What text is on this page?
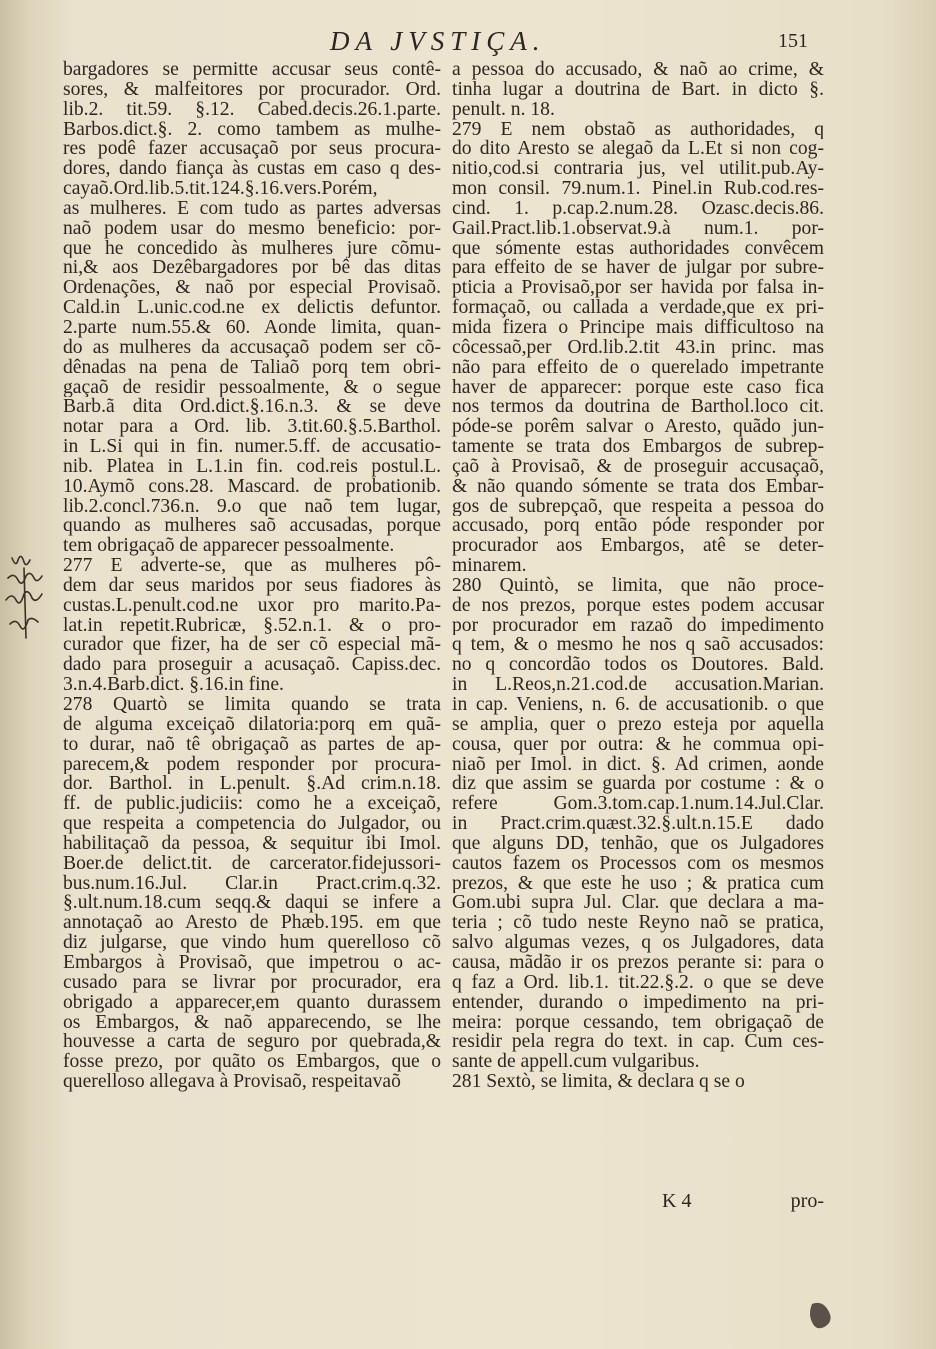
DA JVSTIÇA.	151
bargadores se permitte accusar seus contê-
sores, & malfeitores por procurador. Ord.
lib.2. tit.59. §.12. Cabed.decis.26.1.parte.
Barbos.dict.§. 2. como tambem as mulhe-
res podê fazer accusaçaõ por seus procura-
dores, dando fiança às custas em caso q des-
cayaõ.Ord.lib.5.tit.124.§.16.vers.Porém,
as mulheres. E com tudo as partes adversas
naõ podem usar do mesmo beneficio: por-
que he concedido às mulheres jure cõmu-
ni,& aos Dezêbargadores por bê das ditas
Ordenações, & naõ por especial Provisaõ.
Cald.in L.unic.cod.ne ex delictis defuntor.
2.parte num.55.& 60. Aonde limita, quan-
do as mulheres da accusaçaõ podem ser cõ-
dênadas na pena de Taliaõ porq tem obri-
gaçaõ de residir pessoalmente, & o segue
Barb.ã dita Ord.dict.§.16.n.3. & se deve
notar para a Ord. lib. 3.tit.60.§.5.Barthol.
in L.Si qui in fin. numer.5.ff. de accusatio-
nib. Platea in L.1.in fin. cod.reis postul.L.
10.Aymõ cons.28. Mascard. de probationib.
lib.2.concl.736.n. 9.o que naõ tem lugar,
quando as mulheres saõ accusadas, porque
tem obrigaçaõ de apparecer pessoalmente.
277 E adverte-se, que as mulheres pô-
dem dar seus maridos por seus fiadores às
custas.L.penult.cod.ne uxor pro marito.Pa-
lat.in repetit.Rubricæ, §.52.n.1. & o pro-
curador que fizer, ha de ser cõ especial mã-
dado para proseguir a acusaçaõ. Capiss.dec.
3.n.4.Barb.dict. §.16.in fine.
278 Quartò se limita quando se trata
de alguma exceiçaõ dilatoria:porq em quã-
to durar, naõ tê obrigaçaõ as partes de ap-
parecem,& podem responder por procura-
dor. Barthol. in L.penult. §.Ad crim.n.18.
ff. de public.judiciis: como he a exceiçaõ,
que respeita a competencia do Julgador, ou
habilitaçaõ da pessoa, & sequitur ibi Imol.
Boer.de delict.tit. de carcerator.fidejussori-
bus.num.16.Jul. Clar.in Pract.crim.q.32.
§.ult.num.18.cum seqq.& daqui se infere a
annotaçaõ ao Aresto de Phæb.195. em que
diz julgarse, que vindo hum querelloso cõ
Embargos à Provisaõ, que impetrou o ac-
cusado para se livrar por procurador, era
obrigado a apparecer,em quanto durassem
os Embargos, & naõ apparecendo, se lhe
houvesse a carta de seguro por quebrada,&
fosse prezo, por quãto os Embargos, que o
querelloso allegava à Provisaõ, respeitavaõ
a pessoa do accusado, & naõ ao crime, &
tinha lugar a doutrina de Bart. in dicto §.
penult. n. 18.
279 E nem obstaõ as authoridades, q
do dito Aresto se alegaõ da L.Et si non cog-
nitio,cod.si contraria jus, vel utilit.pub.Ay-
mon consil. 79.num.1. Pinel.in Rub.cod.res-
cind. 1. p.cap.2.num.28. Ozasc.decis.86.
Gail.Pract.lib.1.observat.9.à num.1. por-
que sómente estas authoridades convêcem
para effeito de se haver de julgar por subre-
pticia a Provisaõ,por ser havida por falsa in-
formaçaõ, ou callada a verdade,que ex pri-
mida fizera o Principe mais difficultoso na
côcessaõ,per Ord.lib.2.tit 43.in princ. mas
não para effeito de o querelado impetrante
haver de apparecer: porque este caso fica
nos termos da doutrina de Barthol.loco cit.
póde-se porêm salvar o Aresto, quãdo jun-
tamente se trata dos Embargos de subrep-
çaõ à Provisaõ, & de proseguir accusaçaõ,
& não quando sómente se trata dos Embar-
gos de subrepçaõ, que respeita a pessoa do
accusado, porq então póde responder por
procurador aos Embargos, atê se deter-
minarem.
280 Quintò, se limita, que não proce-
de nos prezos, porque estes podem accusar
por procurador em razaõ do impedimento
q tem, & o mesmo he nos q saõ accusados:
no q concordão todos os Doutores. Bald.
in L.Reos,n.21.cod.de accusation.Marian.
in cap. Veniens, n. 6. de accusationib. o que
se amplia, quer o prezo esteja por aquella
cousa, quer por outra: & he commua opi-
niaõ per Imol. in dict. §. Ad crimen, aonde
diz que assim se guarda por costume : & o
refere Gom.3.tom.cap.1.num.14.Jul.Clar.
in Pract.crim.quæst.32.§.ult.n.15.E dado
que alguns DD, tenhão, que os Julgadores
cautos fazem os Processos com os mesmos
prezos, & que este he uso ; & pratica cum
Gom.ubi supra Jul. Clar. que declara a ma-
teria ; cõ tudo neste Reyno naõ se pratica,
salvo algumas vezes, q os Julgadores, data
causa, mãdão ir os prezos perante si: para o
q faz a Ord. lib.1. tit.22.§.2. o que se deve
entender, durando o impedimento na pri-
meira: porque cessando, tem obrigaçaõ de
residir pela regra do text. in cap. Cum ces-
sante de appell.cum vulgaribus.
281 Sextò, se limita, & declara q se o
K 4	pro-
